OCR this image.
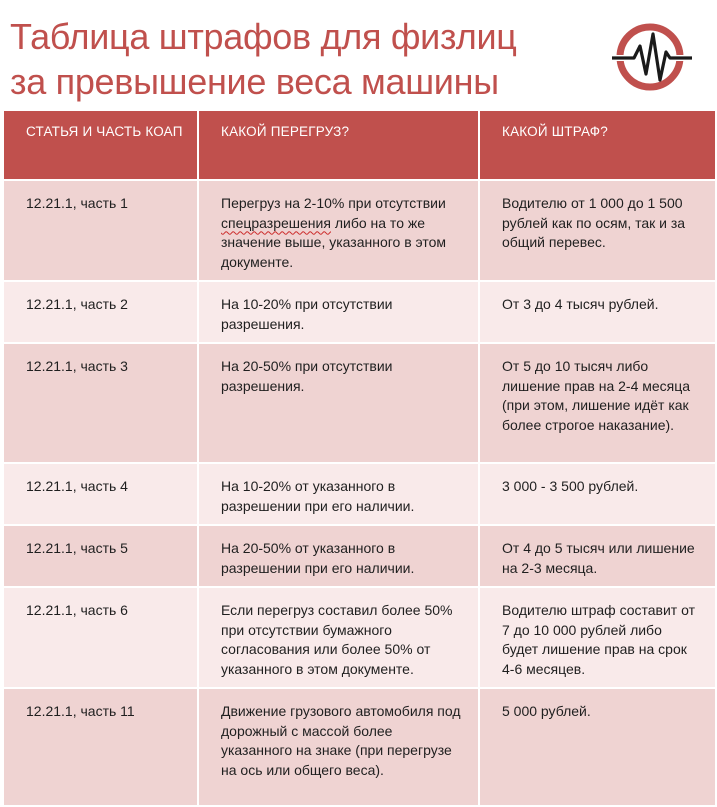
Таблица штрафов для физлиц
за превышение веса машины
СТАТЬЯ И ЧАСТЬ КОАП	КАКОЙ ПЕРЕГРУЗ?	КАКОЙ ШТРАФ?
12.21.1, часть 1	Перегруз на 2-10% при отсутствии спецразрешения либо на то же значение выше, указанного в этом документе.	Водителю от 1 000 до 1 500 рублей как по осям, так и за общий перевес.
12.21.1, часть 2	На 10-20% при отсутствии разрешения.	От 3 до 4 тысяч рублей.
12.21.1, часть 3	На 20-50% при отсутствии разрешения.	От 5 до 10 тысяч либо лишение прав на 2-4 месяца (при этом, лишение идёт как более строгое наказание).
12.21.1, часть 4	На 10-20% от указанного в разрешении при его наличии.	3 000 - 3 500 рублей.
12.21.1, часть 5	На 20-50% от указанного в разрешении при его наличии.	От 4 до 5 тысяч или лишение на 2-3 месяца.
12.21.1, часть 6	Если перегруз составил более 50% при отсутствии бумажного согласования или более 50% от указанного в этом документе.	Водителю штраф составит от 7 до 10 000 рублей либо будет лишение прав на срок 4-6 месяцев.
12.21.1, часть 11	Движение грузового автомобиля под дорожный с массой более указанного на знаке (при перегрузе на ось или общего веса).	5 000 рублей.
